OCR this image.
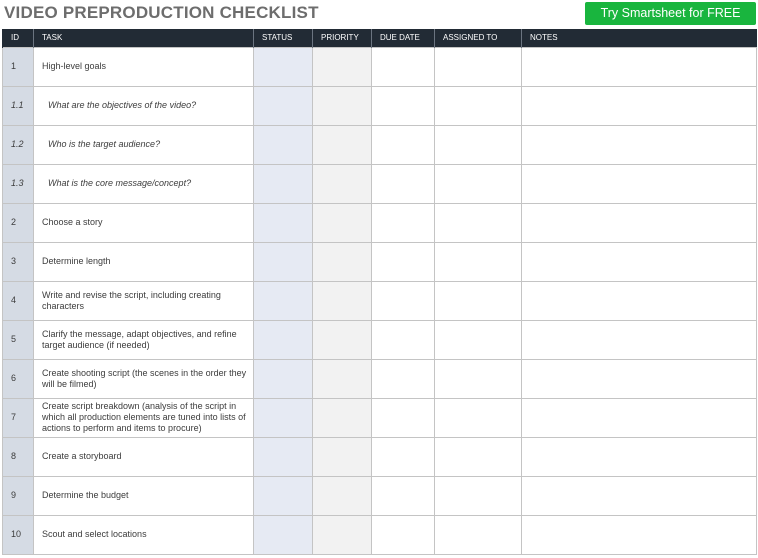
VIDEO PREPRODUCTION CHECKLIST	Try Smartsheet for FREE
ID	TASK	STATUS	PRIORITY	DUE DATE	ASSIGNED TO	NOTES
1	High-level goals					
1.1	What are the objectives of the video?					
1.2	Who is the target audience?					
1.3	What is the core message/concept?					
2	Choose a story					
3	Determine length					
4	Write and revise the script, including creating characters					
5	Clarify the message, adapt objectives, and refine target audience (if needed)					
6	Create shooting script (the scenes in the order they will be filmed)					
7	Create script breakdown (analysis of the script in which all production elements are tuned into lists of actions to perform and items to procure)					
8	Create a storyboard					
9	Determine the budget					
10	Scout and select locations					
